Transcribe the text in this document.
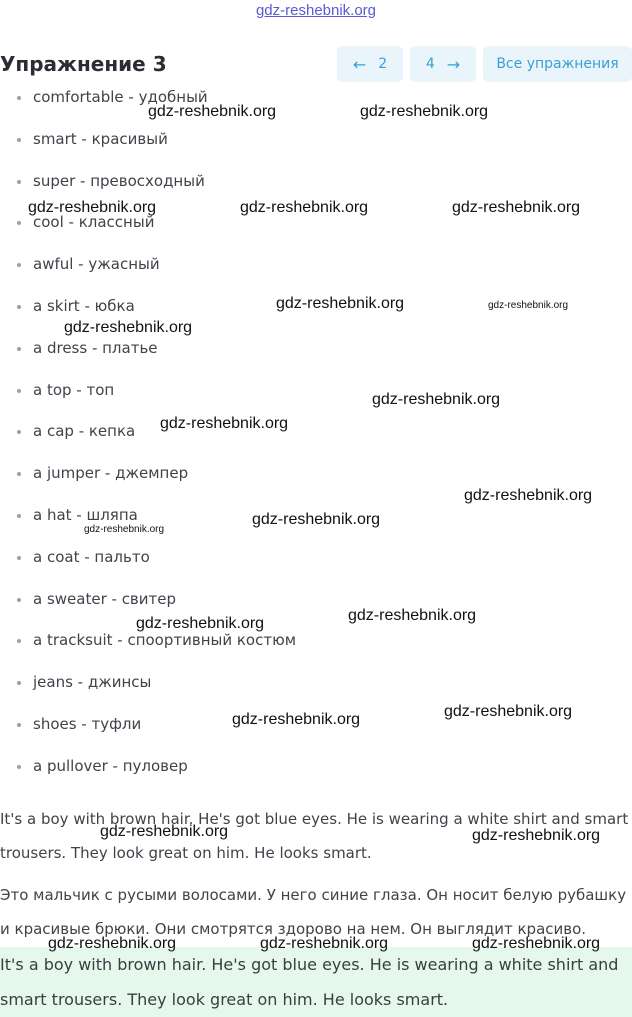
gdz-reshebnik.org
Упражнение 3	← 2	4 →	Все упражнения
comfortable - удобный
smart - красивый
super - превосходный
cool - классный
awful - ужасный
a skirt - юбка
a dress - платье
a top - топ
a cap - кепка
a jumper - джемпер
a hat - шляпа
a coat - пальто
a sweater - свитер
a tracksuit - споортивный костюм
jeans - джинсы
shoes - туфли
a pullover - пуловер
It's a boy with brown hair. He's got blue eyes. He is wearing a white shirt and smart trousers. They look great on him. He looks smart.
Это мальчик с русыми волосами. У него синие глаза. Он носит белую рубашку и красивые брюки. Они смотрятся здорово на нем. Он выглядит красиво.
It's a boy with brown hair. He's got blue eyes. He is wearing a white shirt and smart trousers. They look great on him. He looks smart.
gdz-reshebnik.org	gdz-reshebnik.org
gdz-reshebnik.org	gdz-reshebnik.org	gdz-reshebnik.org
gdz-reshebnik.org
gdz-reshebnik.org
gdz-reshebnik.org
gdz-reshebnik.org
gdz-reshebnik.org
gdz-reshebnik.org
gdz-reshebnik.org	gdz-reshebnik.org
gdz-reshebnik.org	gdz-reshebnik.org
gdz-reshebnik.org	gdz-reshebnik.org
gdz-reshebnik.org	gdz-reshebnik.org	gdz-reshebnik.org
gdz-reshebnik.org
gdz-reshebnik.org
